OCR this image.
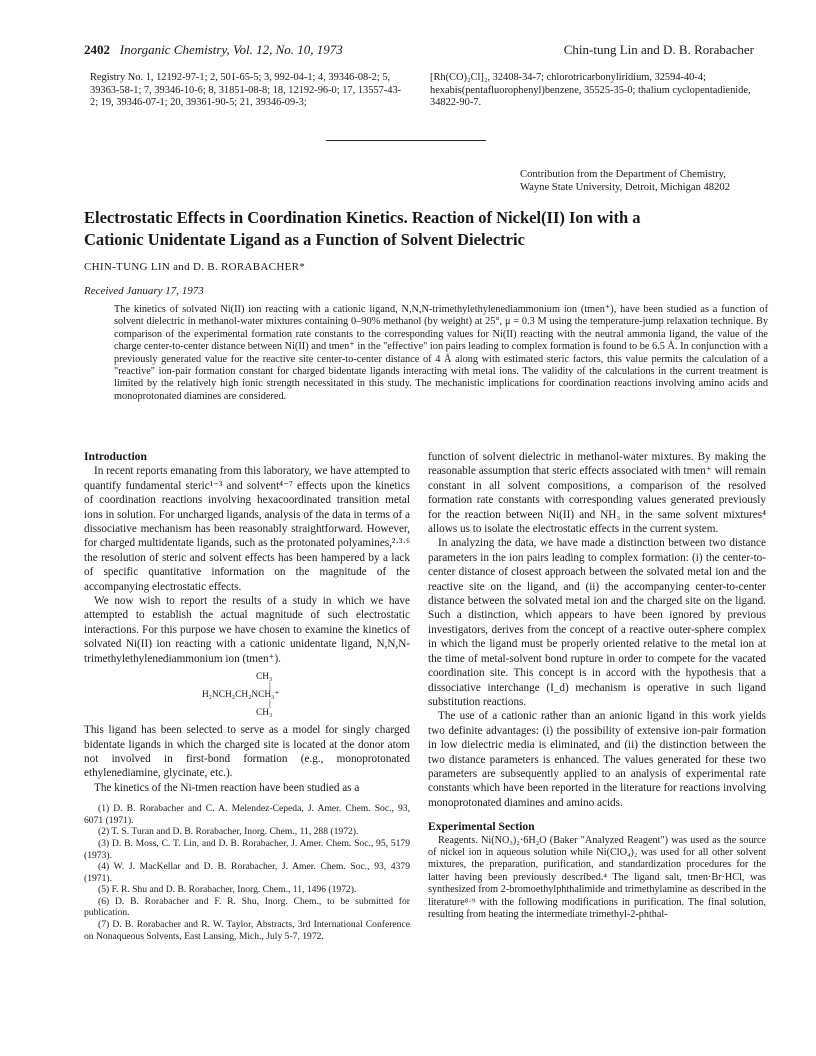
2402 Inorganic Chemistry, Vol. 12, No. 10, 1973	Chin-tung Lin and D. B. Rorabacher
Registry No. 1, 12192-97-1; 2, 501-65-5; 3, 992-04-1; 4, 39346-08-2; 5, 39363-58-1; 7, 39346-10-6; 8, 31851-08-8; 18, 12192-96-0; 17, 13557-43-2; 19, 39346-07-1; 20, 39361-90-5; 21, 39346-09-3;
[Rh(CO)₂Cl]₂, 32408-34-7; chlorotricarbonyliridium, 32594-40-4; hexabis(pentafluorophenyl)benzene, 35525-35-0; thalium cyclopentadienide, 34822-90-7.
Contribution from the Department of Chemistry,
Wayne State University, Detroit, Michigan 48202
Electrostatic Effects in Coordination Kinetics. Reaction of Nickel(II) Ion with a
Cationic Unidentate Ligand as a Function of Solvent Dielectric
CHIN-TUNG LIN and D. B. RORABACHER*
Received January 17, 1973
The kinetics of solvated Ni(II) ion reacting with a cationic ligand, N,N,N-trimethylethylenediammonium ion (tmen⁺), have been studied as a function of solvent dielectric in methanol-water mixtures containing 0–90% methanol (by weight) at 25°, μ = 0.3 M using the temperature-jump relaxation technique. By comparison of the experimental formation rate constants to the corresponding values for Ni(II) reacting with the neutral ammonia ligand, the value of the charge center-to-center distance between Ni(II) and tmen⁺ in the "effective" ion pairs leading to complex formation is found to be 6.5 Å. In conjunction with a previously generated value for the reactive site center-to-center distance of 4 Å along with estimated steric factors, this value permits the calculation of a "reactive" ion-pair formation constant for charged bidentate ligands interacting with metal ions. The validity of the calculations in the current treatment is limited by the relatively high ionic strength necessitated in this study. The mechanistic implications for coordination reactions involving amino acids and monoprotonated diamines are considered.
Introduction

In recent reports emanating from this laboratory, we have attempted to quantify fundamental steric¹⁻³ and solvent⁴⁻⁷ effects upon the kinetics of coordination reactions involving hexacoordinated transition metal ions in solution. For uncharged ligands, analysis of the data in terms of a dissociative mechanism has been reasonably straightforward. However, for charged multidentate ligands, such as the protonated polyamines,²·³·⁶ the resolution of steric and solvent effects has been hampered by a lack of specific quantitative information on the magnitude of the accompanying electrostatic effects.

We now wish to report the results of a study in which we have attempted to establish the actual magnitude of such electrostatic interactions. For this purpose we have chosen to examine the kinetics of solvated Ni(II) ion reacting with a cationic unidentate ligand, N,N,N-trimethylethylenediammonium ion (tmen⁺).

CH₃
|
H₂NCH₂CH₂NCH₃⁺
|
CH₃

This ligand has been selected to serve as a model for singly charged bidentate ligands in which the charged site is located at the donor atom not involved in first-bond formation (e.g., monoprotonated ethylenediamine, glycinate, etc.).

The kinetics of the Ni-tmen reaction have been studied as a

(1) D. B. Rorabacher and C. A. Melendez-Cepeda, J. Amer. Chem. Soc., 93, 6071 (1971).

(2) T. S. Turan and D. B. Rorabacher, Inorg. Chem., 11, 288 (1972).

(3) D. B. Moss, C. T. Lin, and D. B. Rorabacher, J. Amer. Chem. Soc., 95, 5179 (1973).

(4) W. J. MacKellar and D. B. Rorabacher, J. Amer. Chem. Soc., 93, 4379 (1971).

(5) F. R. Shu and D. B. Rorabacher, Inorg. Chem., 11, 1496 (1972).

(6) D. B. Rorabacher and F. R. Shu, Inorg. Chem., to be submitted for publication.

(7) D. B. Rorabacher and R. W. Taylor, Abstracts, 3rd International Conference on Nonaqueous Solvents, East Lansing, Mich., July 5-7, 1972.

function of solvent dielectric in methanol-water mixtures. By making the reasonable assumption that steric effects associated with tmen⁺ will remain constant in all solvent compositions, a comparison of the resolved formation rate constants with corresponding values generated previously for the reaction between Ni(II) and NH₃ in the same solvent mixtures⁴ allows us to isolate the electrostatic effects in the current system.

In analyzing the data, we have made a distinction between two distance parameters in the ion pairs leading to complex formation: (i) the center-to-center distance of closest approach between the solvated metal ion and the reactive site on the ligand, and (ii) the accompanying center-to-center distance between the solvated metal ion and the charged site on the ligand. Such a distinction, which appears to have been ignored by previous investigators, derives from the concept of a reactive outer-sphere complex in which the ligand must be properly oriented relative to the metal ion at the time of metal-solvent bond rupture in order to compete for the vacated coordination site. This concept is in accord with the hypothesis that a dissociative interchange (I_d) mechanism is operative in such ligand substitution reactions.

The use of a cationic rather than an anionic ligand in this work yields two definite advantages: (i) the possibility of extensive ion-pair formation in low dielectric media is eliminated, and (ii) the distinction between the two distance parameters is enhanced. The values generated for these two parameters are subsequently applied to an analysis of experimental rate constants which have been reported in the literature for reactions involving monoprotonated diamines and amino acids.

Experimental Section

Reagents. Ni(NO₃)₂·6H₂O (Baker "Analyzed Reagent") was used as the source of nickel ion in aqueous solution while Ni(ClO₄)₂ was used for all other solvent mixtures, the preparation, purification, and standardization procedures for the latter having been previously described.⁴ The ligand salt, tmen·Br·HCl, was synthesized from 2-bromoethylphthalimide and trimethylamine as described in the literature⁸·⁹ with the following modifications in purification. The final solution, resulting from heating the intermediate trimethyl-2-phthal-
